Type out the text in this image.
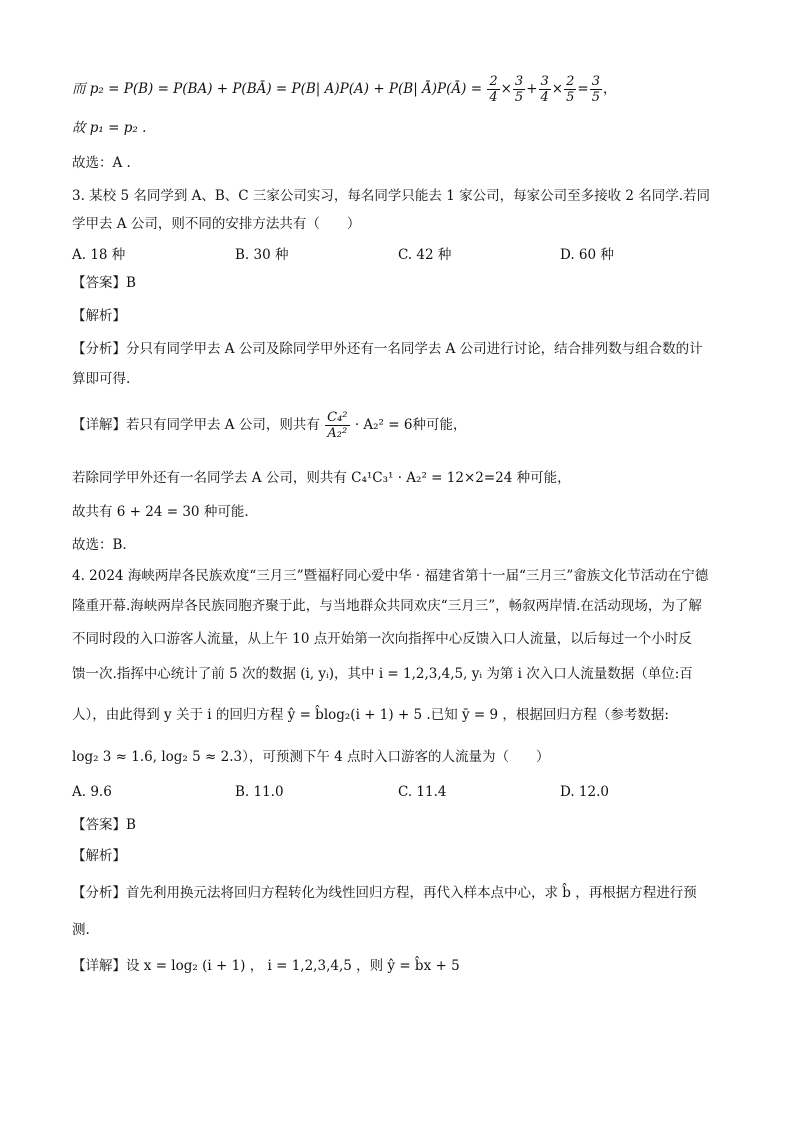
而 p₂ = P(B) = P(BA) + P(BĀ) = P(B| A)P(A) + P(B| Ā)P(Ā) = $\frac{2}{4} \times \frac{3}{5} + \frac{3}{4} \times \frac{2}{5} = \frac{3}{5}$ ，
故 p₁ = p₂ .
故选：A .
3. 某校 5 名同学到 A、B、C 三家公司实习，每名同学只能去 1 家公司，每家公司至多接收 2 名同学.若同
学甲去 A 公司，则不同的安排方法共有（　　）
A. 18 种	B. 30 种	C. 42 种	D. 60 种
【答案】B
【解析】
【分析】分只有同学甲去 A 公司及除同学甲外还有一名同学去 A 公司进行讨论，结合排列数与组合数的计
算即可得.
【详解】若只有同学甲去 A 公司，则共有 $\frac{\text{C₄²}}{\text{A₂²}} \cdot A_2^2 = 6$种可能，
若除同学甲外还有一名同学去 A 公司，则共有 C₄¹C₃¹ · A₂² = 12×2=24 种可能，
故共有 6 + 24 = 30 种可能.
故选：B.
4. 2024 海峡两岸各民族欢度“三月三”暨福籽同心爱中华 · 福建省第十一届“三月三”畲族文化节活动在宁德
隆重开幕.海峡两岸各民族同胞齐聚于此，与当地群众共同欢庆“三月三”，畅叙两岸情.在活动现场，为了解
不同时段的入口游客人流量，从上午 10 点开始第一次向指挥中心反馈入口人流量，以后每过一个小时反
馈一次.指挥中心统计了前 5 次的数据 (i, yᵢ)，其中 i = 1,2,3,4,5, yᵢ 为第 i 次入口人流量数据（单位:百
人），由此得到 y 关于 i 的回归方程 ŷ = b̂log₂(i + 1) + 5 .已知 ȳ = 9 ，根据回归方程（参考数据:
log₂ 3 ≈ 1.6, log₂ 5 ≈ 2.3），可预测下午 4 点时入口游客的人流量为（　　）
A. 9.6	B. 11.0	C. 11.4	D. 12.0
【答案】B
【解析】
【分析】首先利用换元法将回归方程转化为线性回归方程，再代入样本点中心，求 b̂ ，再根据方程进行预
测.
【详解】设 x = log₂ (i + 1) ， i = 1,2,3,4,5 ，则 ŷ = b̂x + 5
